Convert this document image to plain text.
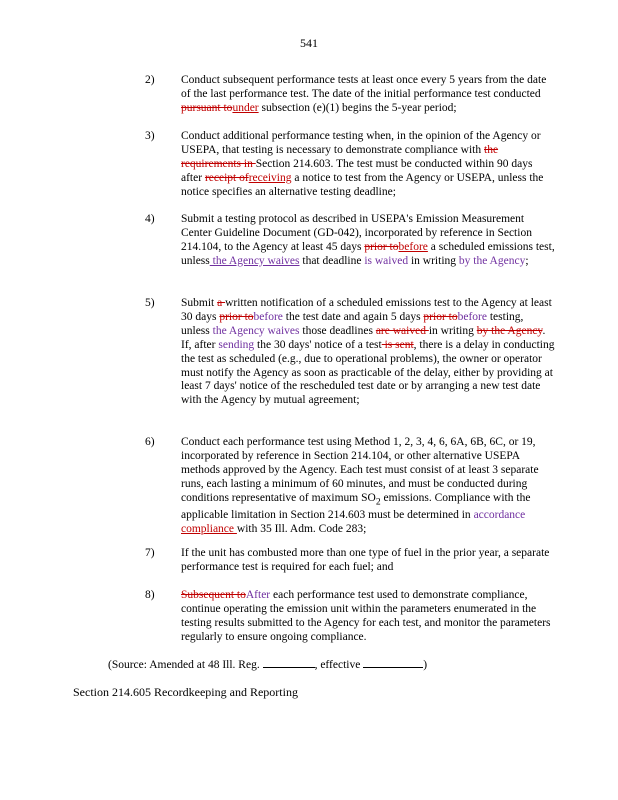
541
2) Conduct subsequent performance tests at least once every 5 years from the date of the last performance test. The date of the initial performance test conducted pursuant tounder subsection (e)(1) begins the 5-year period;
3) Conduct additional performance testing when, in the opinion of the Agency or USEPA, that testing is necessary to demonstrate compliance with the requirements in Section 214.603. The test must be conducted within 90 days after receipt ofreceiving a notice to test from the Agency or USEPA, unless the notice specifies an alternative testing deadline;
4) Submit a testing protocol as described in USEPA's Emission Measurement Center Guideline Document (GD-042), incorporated by reference in Section 214.104, to the Agency at least 45 days prior tobefore a scheduled emissions test, unless the Agency waives that deadline is waived in writing by the Agency;
5) Submit a written notification of a scheduled emissions test to the Agency at least 30 days prior tobefore the test date and again 5 days prior tobefore testing, unless the Agency waives those deadlines are waived in writing by the Agency. If, after sending the 30 days' notice of a test is sent, there is a delay in conducting the test as scheduled (e.g., due to operational problems), the owner or operator must notify the Agency as soon as practicable of the delay, either by providing at least 7 days' notice of the rescheduled test date or by arranging a new test date with the Agency by mutual agreement;
6) Conduct each performance test using Method 1, 2, 3, 4, 6, 6A, 6B, 6C, or 19, incorporated by reference in Section 214.104, or other alternative USEPA methods approved by the Agency. Each test must consist of at least 3 separate runs, each lasting a minimum of 60 minutes, and must be conducted during conditions representative of maximum $SO_2$ emissions. Compliance with the applicable limitation in Section 214.603 must be determined in accordance compliance with 35 Ill. Adm. Code 283;
7) If the unit has combusted more than one type of fuel in the prior year, a separate performance test is required for each fuel; and
8) Subsequent toAfter each performance test used to demonstrate compliance, continue operating the emission unit within the parameters enumerated in the testing results submitted to the Agency for each test, and monitor the parameters regularly to ensure ongoing compliance.
(Source: Amended at 48 Ill. Reg.	, effective	)
Section 214.605 Recordkeeping and Reporting
